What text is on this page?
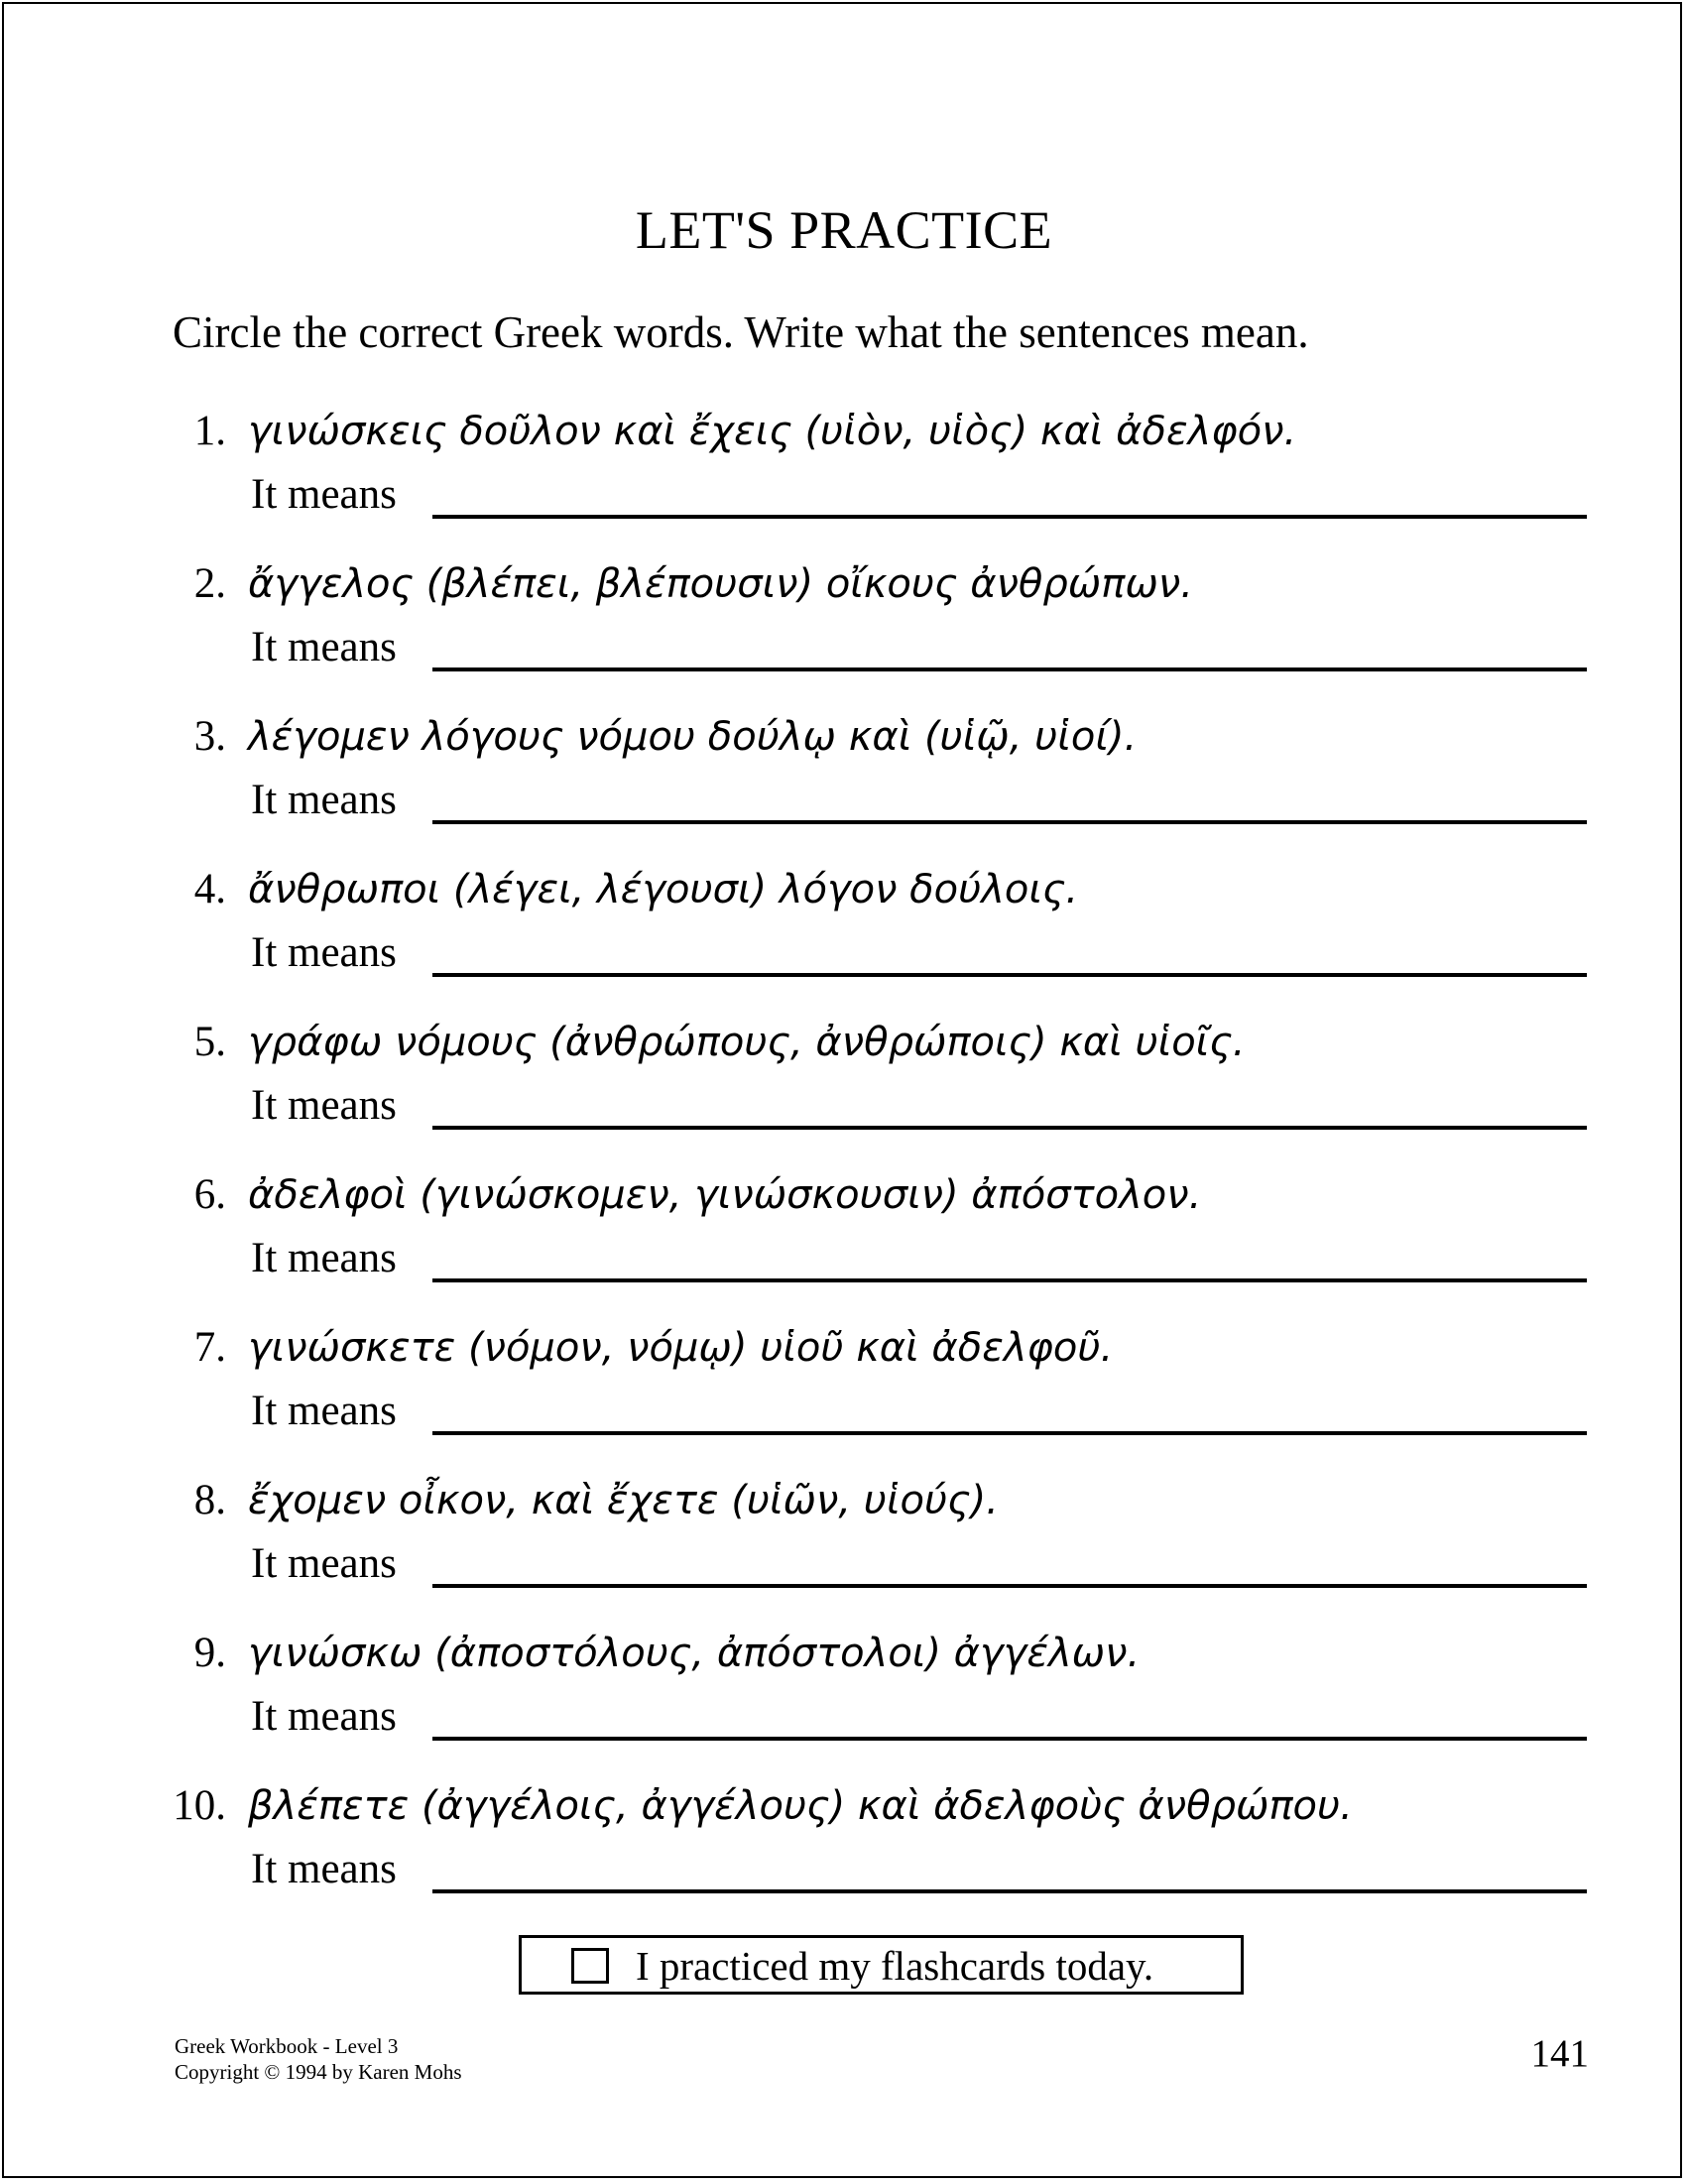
LET'S PRACTICE
Circle the correct Greek words. Write what the sentences mean.
1. γινώσκεις δοῦλον καὶ ἔχεις (υἱὸν, υἱὸς) καὶ ἀδελφόν.
It means
2. ἄγγελος (βλέπει, βλέπουσιν) οἴκους ἀνθρώπων.
It means
3. λέγομεν λόγους νόμου δούλῳ καὶ (υἱῷ, υἱοί).
It means
4. ἄνθρωποι (λέγει, λέγουσι) λόγον δούλοις.
It means
5. γράφω νόμους (ἀνθρώπους, ἀνθρώποις) καὶ υἱοῖς.
It means
6. ἀδελφοὶ (γινώσκομεν, γινώσκουσιν) ἀπόστολον.
It means
7. γινώσκετε (νόμον, νόμῳ) υἱοῦ καὶ ἀδελφοῦ.
It means
8. ἔχομεν οἶκον, καὶ ἔχετε (υἱῶν, υἱούς).
It means
9. γινώσκω (ἀποστόλους, ἀπόστολοι) ἀγγέλων.
It means
10. βλέπετε (ἀγγέλοις, ἀγγέλους) καὶ ἀδελφοὺς ἀνθρώπου.
It means
I practiced my flashcards today.
Greek Workbook - Level 3
Copyright © 1994 by Karen Mohs	141
